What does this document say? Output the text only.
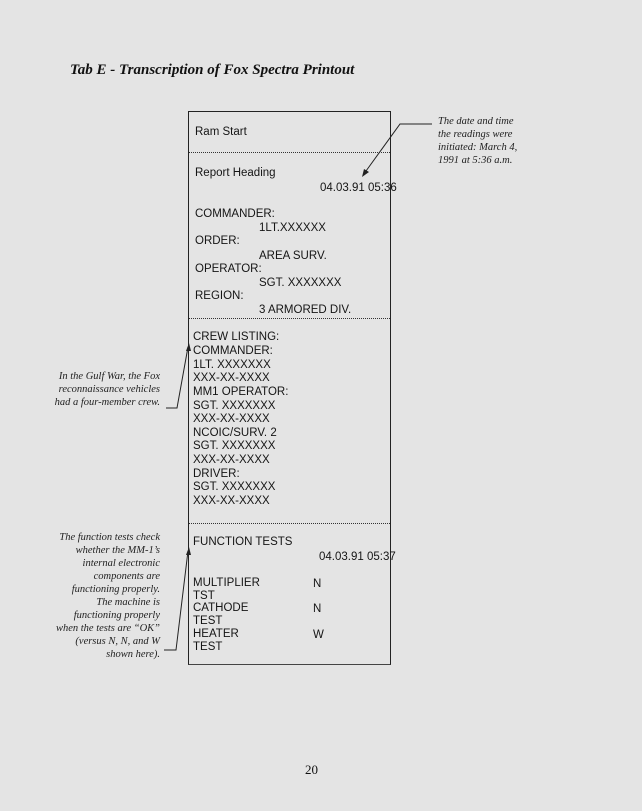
Tab E - Transcription of Fox Spectra Printout
Ram Start
Report Heading
04.03.91 05:36
COMMANDER:
1LT.XXXXXX
ORDER:
AREA SURV.
OPERATOR:
SGT. XXXXXXX
REGION:
3 ARMORED DIV.
CREW LISTING:
COMMANDER:
1LT. XXXXXXX
XXX-XX-XXXX
MM1 OPERATOR:
SGT. XXXXXXX
XXX-XX-XXXX
NCOIC/SURV. 2
SGT. XXXXXXX
XXX-XX-XXXX
DRIVER:
SGT. XXXXXXX
XXX-XX-XXXX
FUNCTION TESTS
04.03.91 05:37
MULTIPLIER
TST
N
CATHODE
TEST
N
HEATER
TEST
W
The date and time
the readings were
initiated: March 4,
1991 at 5:36 a.m.
In the Gulf War, the Fox
reconnaissance vehicles
had a four-member crew.
The function tests check
whether the MM-1’s
internal electronic
components are
functioning properly.
The machine is
functioning properly
when the tests are “OK”
(versus N, N, and W
shown here).
20
